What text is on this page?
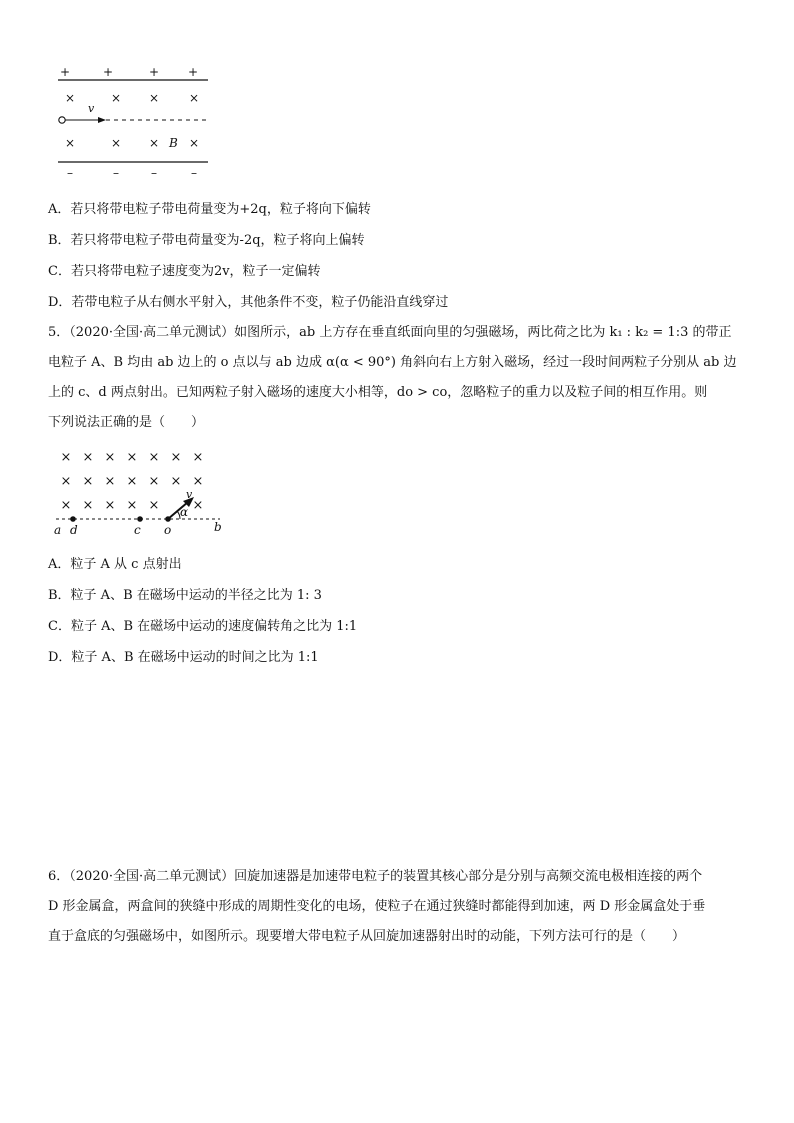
+	+	+ +
×	× × ×
v
×	× × ×
B
–	–	–	–
A．若只将带电粒子带电荷量变为+2q，粒子将向下偏转
B．若只将带电粒子带电荷量变为-2q，粒子将向上偏转
C．若只将带电粒子速度变为2v，粒子一定偏转
D．若带电粒子从右侧水平射入，其他条件不变，粒子仍能沿直线穿过
5．（2020·全国·高二单元测试）如图所示，ab 上方存在垂直纸面向里的匀强磁场，两比荷之比为 k₁ : k₂ = 1:3 的带正
电粒子 A、B 均由 ab 边上的 o 点以与 ab 边成 α(α < 90°) 角斜向右上方射入磁场，经过一段时间两粒子分别从 ab 边
上的 c、d 两点射出。已知两粒子射入磁场的速度大小相等，do > co，忽略粒子的重力以及粒子间的相互作用。则
下列说法正确的是（　　）
× × × × × × ×
× × × × × × ×
× × × × ×	×
v
α
a d	c o	b
A．粒子 A 从 c 点射出
B．粒子 A、B 在磁场中运动的半径之比为 1: 3
C．粒子 A、B 在磁场中运动的速度偏转角之比为 1:1
D．粒子 A、B 在磁场中运动的时间之比为 1:1
6．（2020·全国·高二单元测试）回旋加速器是加速带电粒子的装置其核心部分是分别与高频交流电极相连接的两个
D 形金属盒，两盒间的狭缝中形成的周期性变化的电场，使粒子在通过狭缝时都能得到加速，两 D 形金属盒处于垂
直于盒底的匀强磁场中，如图所示。现要增大带电粒子从回旋加速器射出时的动能，下列方法可行的是（　　）
